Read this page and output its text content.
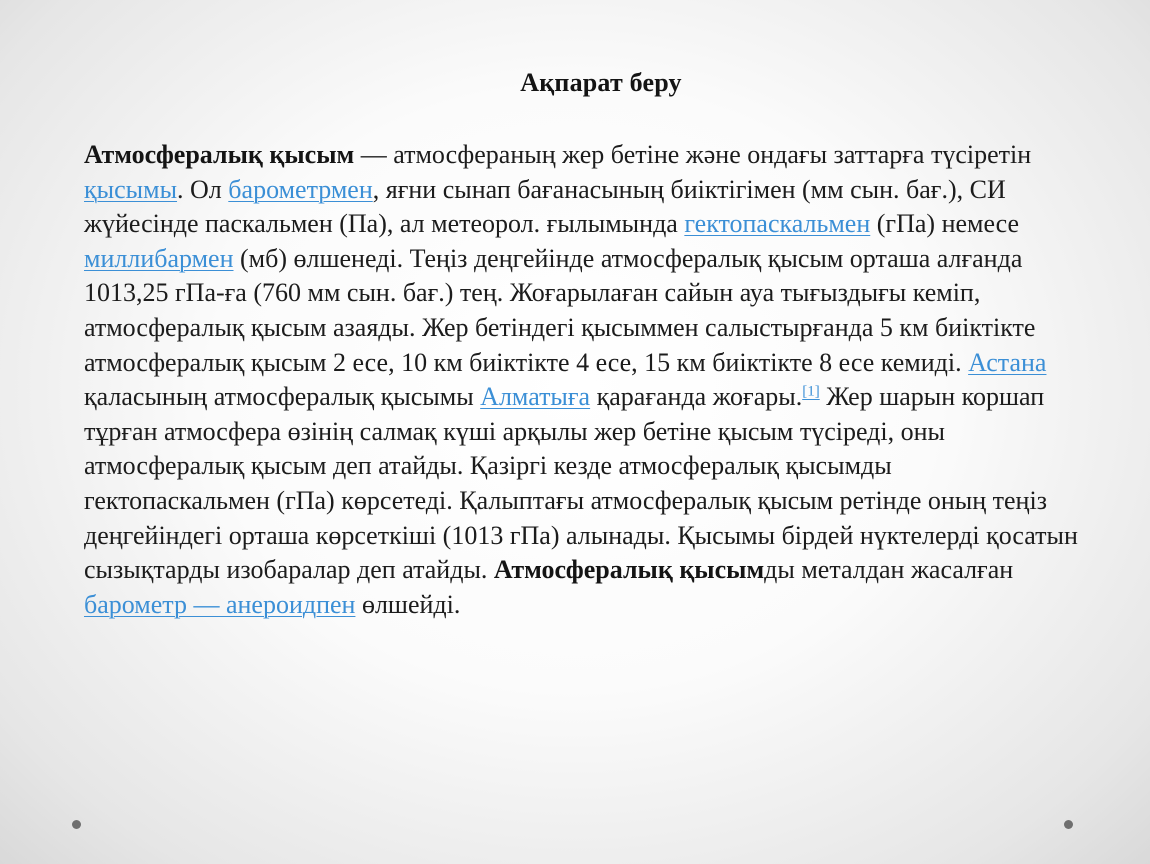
Ақпарат беру
Атмосфералық қысым — атмосфераның жер бетіне және ондағы заттарға түсіретін қысымы. Ол барометрмен, яғни сынап бағанасының биіктігімен (мм сын. бағ.), СИ жүйесінде паскальмен (Па), ал метеорол. ғылымында гектопаскальмен (гПа) немесе миллибармен (мб) өлшенеді. Теңіз деңгейінде атмосфералық қысым орташа алғанда 1013,25 гПа-ға (760 мм сын. бағ.) тең. Жоғарылаған сайын ауа тығыздығы кеміп, атмосфералық қысым азаяды. Жер бетіндегі қысыммен салыстырғанда 5 км биіктікте атмосфералық қысым 2 есе, 10 км биіктікте 4 есе, 15 км биіктікте 8 есе кемиді. Астана қаласының атмосфералық қысымы Алматыға қарағанда жоғары.[1] Жер шарын коршап тұрған атмосфера өзінің салмақ күші арқылы жер бетіне қысым түсіреді, оны атмосфералық қысым деп атайды. Қазіргі кезде атмосфералық қысымды гектопаскальмен (гПа) көрсетеді. Қалыптағы атмосфералық қысым ретінде оның теңіз деңгейіндегі орташа көрсеткіші (1013 гПа) алынады. Қысымы бірдей нүктелерді қосатын сызықтарды изобаралар деп атайды. Атмосфералық қысымды металдан жасалған барометр — анероидпен өлшейді.
